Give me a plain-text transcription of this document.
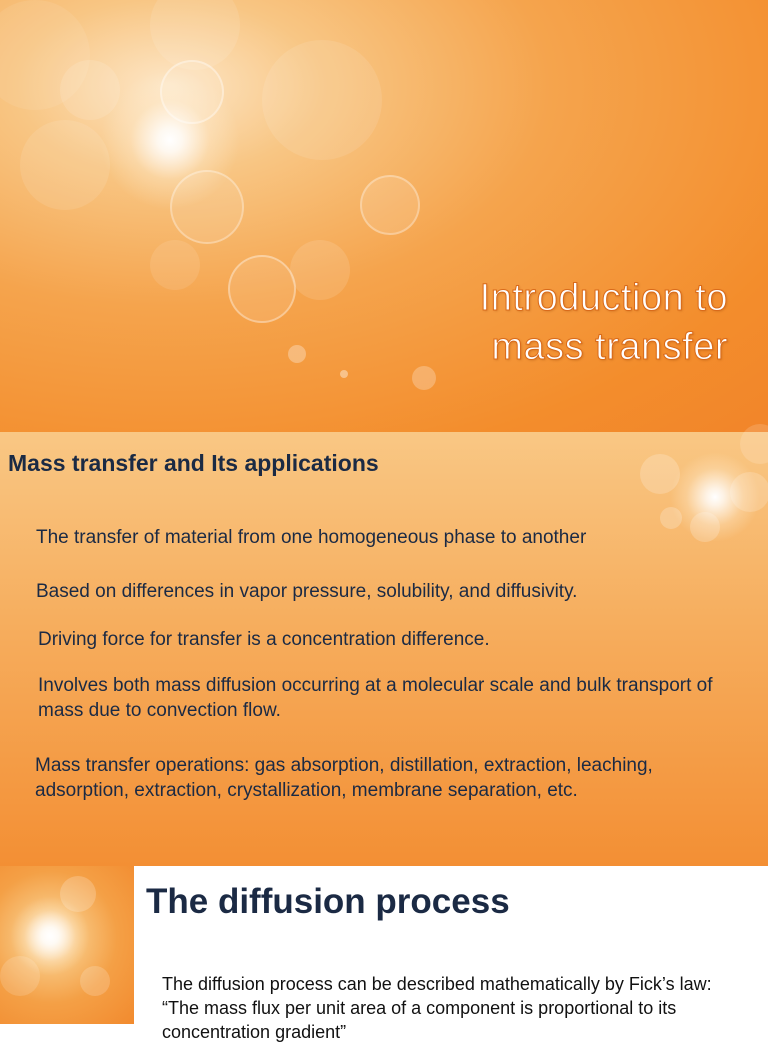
Introduction to
mass transfer
Mass transfer and Its applications

The transfer of material from one homogeneous phase to another

Based on differences in vapor pressure, solubility, and diffusivity.

Driving force for transfer is a concentration difference.

Involves both mass diffusion occurring at a molecular scale and bulk transport of mass due to convection flow.

Mass transfer operations: gas absorption, distillation, extraction, leaching, adsorption, extraction, crystallization, membrane separation, etc.

The diffusion process

The diffusion process can be described mathematically by Fick’s law: “The mass flux per unit area of a component is proportional to its concentration gradient”
